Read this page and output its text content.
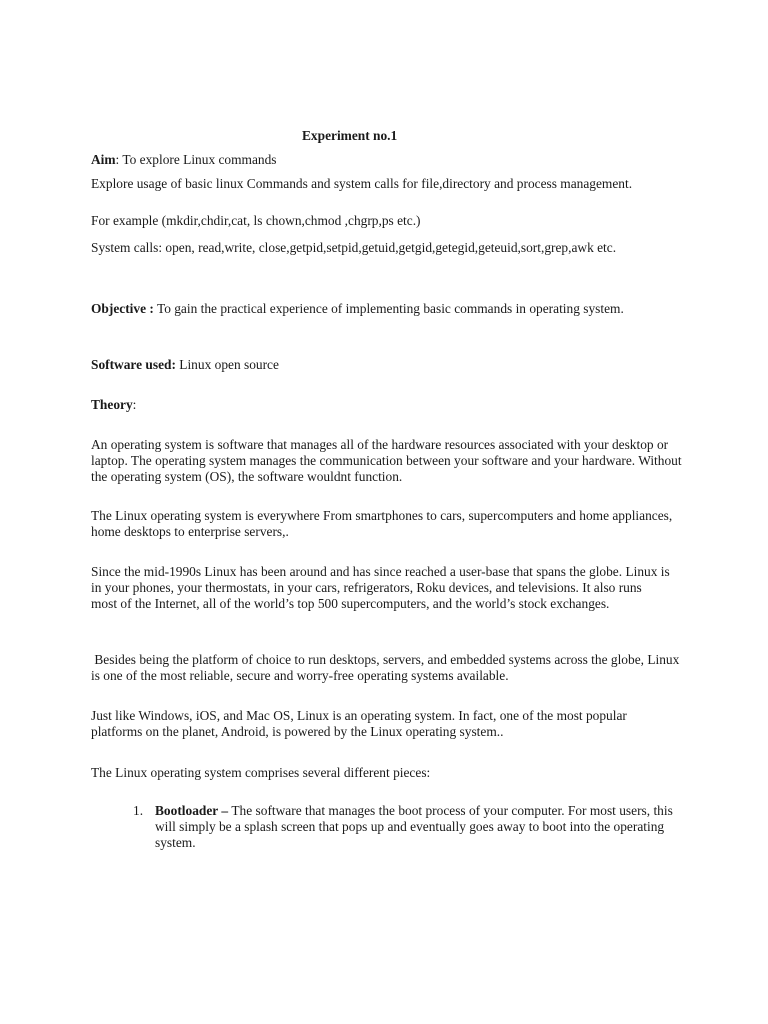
Experiment no.1

Aim: To explore Linux commands

Explore usage of basic linux Commands and system calls for file,directory and process management.

For example (mkdir,chdir,cat, ls chown,chmod ,chgrp,ps etc.)

System calls: open, read,write, close,getpid,setpid,getuid,getgid,getegid,geteuid,sort,grep,awk etc.

Objective : To gain the practical experience of implementing basic commands in operating system.

Software used: Linux open source

Theory:

An operating system is software that manages all of the hardware resources associated with your desktop or laptop. The operating system manages the communication between your software and your hardware. Without the operating system (OS), the software wouldnt function.

The Linux operating system is everywhere From smartphones to cars, supercomputers and home appliances, home desktops to enterprise servers,.

Since the mid-1990s Linux has been around and has since reached a user-base that spans the globe. Linux is in your phones, your thermostats, in your cars, refrigerators, Roku devices, and televisions. It also runs most of the Internet, all of the world’s top 500 supercomputers, and the world’s stock exchanges.

Besides being the platform of choice to run desktops, servers, and embedded systems across the globe, Linux is one of the most reliable, secure and worry-free operating systems available.

Just like Windows, iOS, and Mac OS, Linux is an operating system. In fact, one of the most popular platforms on the planet, Android, is powered by the Linux operating system..

The Linux operating system comprises several different pieces:

1. Bootloader – The software that manages the boot process of your computer. For most users, this will simply be a splash screen that pops up and eventually goes away to boot into the operating system.
